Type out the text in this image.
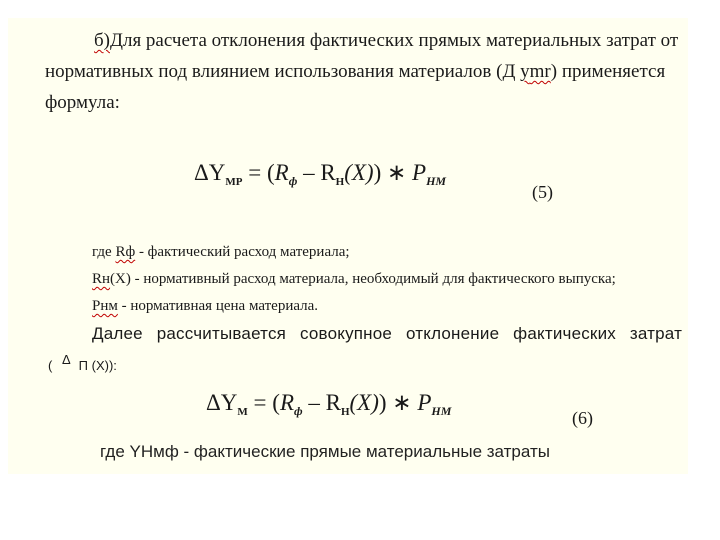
б)Для расчета отклонения фактических прямых материальных затрат от
нормативных под влиянием использования материалов (Д уmr) применяется
формула:
$\Delta Y_{МР} = (R_ф - R_Н(X))$ ∗ $P_{НМ}$
(5)
где Rф - фактический расход материала;
Rн(X) - нормативный расход материала, необходимый для фактического выпуска;
Рнм - нормативная цена материала.
Далее рассчитывается совокупное отклонение фактических затрат
( Δ П (X)):
$\Delta Y_М = (R_ф - R_Н(X))$ ∗ $P_{НМ}$	(6)
где YНмф - фактические прямые материальные затраты
